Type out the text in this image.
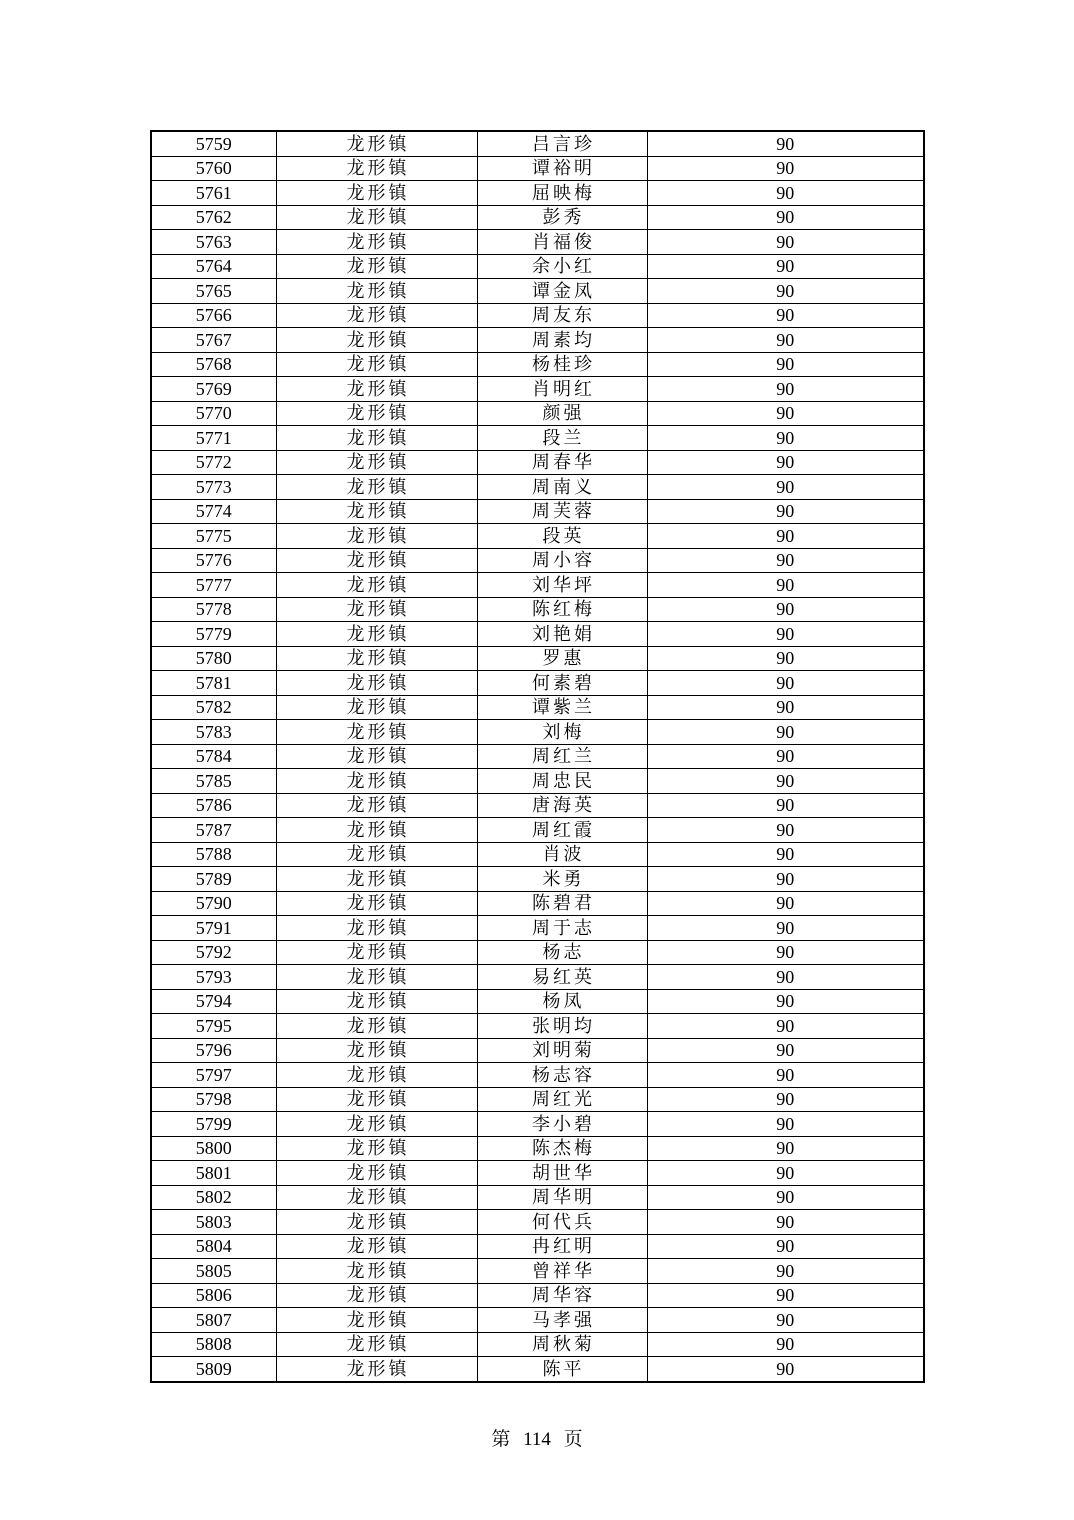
5759	龙形镇	吕言珍	90
5760	龙形镇	谭裕明	90
5761	龙形镇	屈映梅	90
5762	龙形镇	彭秀	90
5763	龙形镇	肖福俊	90
5764	龙形镇	余小红	90
5765	龙形镇	谭金凤	90
5766	龙形镇	周友东	90
5767	龙形镇	周素均	90
5768	龙形镇	杨桂珍	90
5769	龙形镇	肖明红	90
5770	龙形镇	颜强	90
5771	龙形镇	段兰	90
5772	龙形镇	周春华	90
5773	龙形镇	周南义	90
5774	龙形镇	周芙蓉	90
5775	龙形镇	段英	90
5776	龙形镇	周小容	90
5777	龙形镇	刘华坪	90
5778	龙形镇	陈红梅	90
5779	龙形镇	刘艳娟	90
5780	龙形镇	罗惠	90
5781	龙形镇	何素碧	90
5782	龙形镇	谭紫兰	90
5783	龙形镇	刘梅	90
5784	龙形镇	周红兰	90
5785	龙形镇	周忠民	90
5786	龙形镇	唐海英	90
5787	龙形镇	周红霞	90
5788	龙形镇	肖波	90
5789	龙形镇	米勇	90
5790	龙形镇	陈碧君	90
5791	龙形镇	周于志	90
5792	龙形镇	杨志	90
5793	龙形镇	易红英	90
5794	龙形镇	杨凤	90
5795	龙形镇	张明均	90
5796	龙形镇	刘明菊	90
5797	龙形镇	杨志容	90
5798	龙形镇	周红光	90
5799	龙形镇	李小碧	90
5800	龙形镇	陈杰梅	90
5801	龙形镇	胡世华	90
5802	龙形镇	周华明	90
5803	龙形镇	何代兵	90
5804	龙形镇	冉红明	90
5805	龙形镇	曾祥华	90
5806	龙形镇	周华容	90
5807	龙形镇	马孝强	90
5808	龙形镇	周秋菊	90
5809	龙形镇	陈平	90
第 114 页
